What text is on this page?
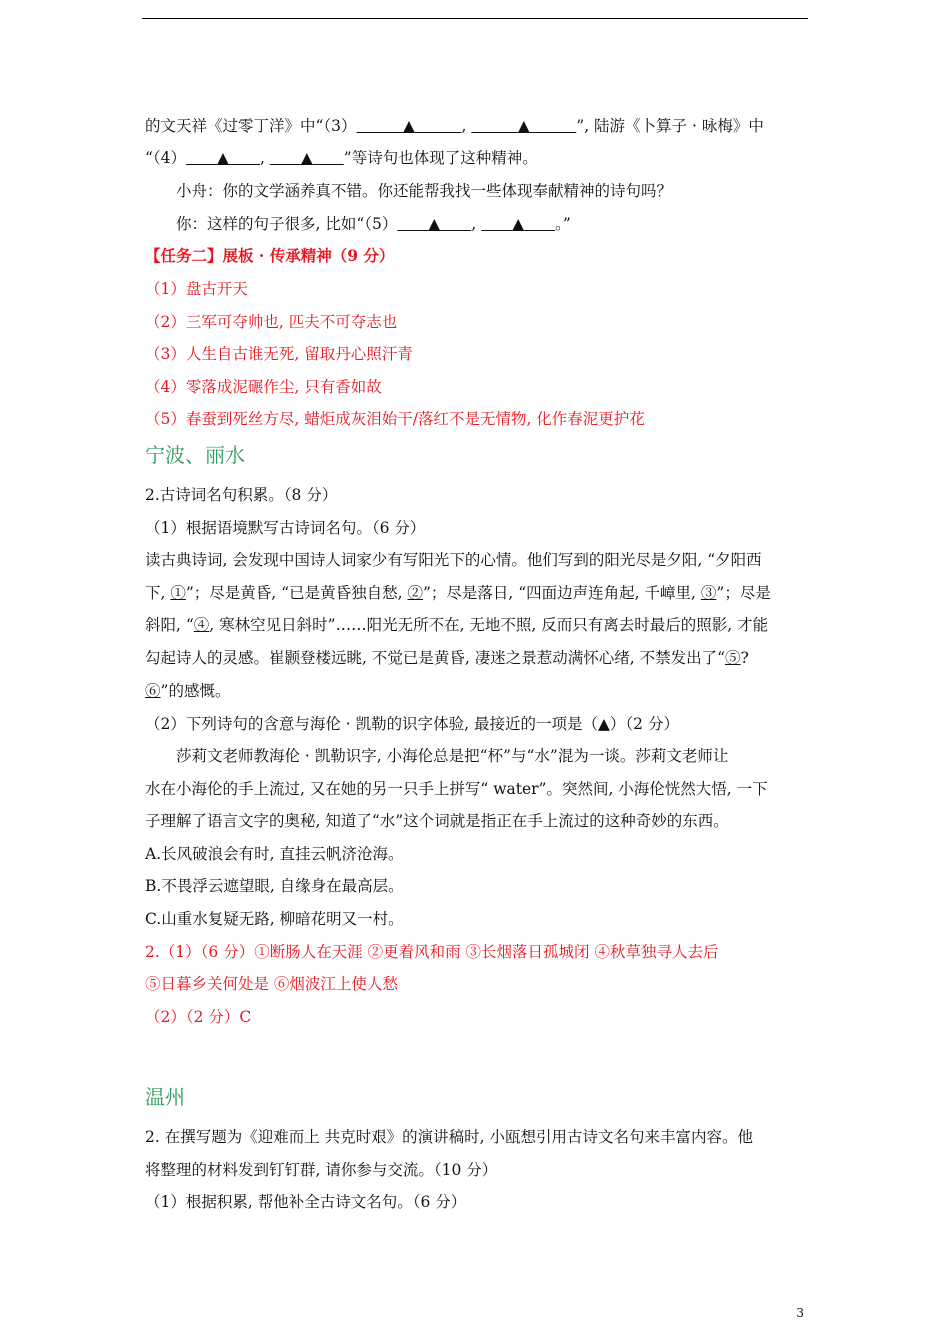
的文天祥《过零丁洋》中“（3）   	▲   	,    	▲   	”, 陆游《卜算子 · 咏梅》中
“（4）   ▲   ,    ▲   ”等诗句也体现了这种精神。
小舟：你的文学涵养真不错。你还能帮我找一些体现奉献精神的诗句吗？
你：这样的句子很多, 比如“（5）   ▲   ,    ▲   。”
【任务二】展板 · 传承精神（9 分）
（1）盘古开天
（2）三军可夺帅也, 匹夫不可夺志也
（3）人生自古谁无死, 留取丹心照汗青
（4）零落成泥碾作尘, 只有香如故
（5）春蚕到死丝方尽, 蜡炬成灰泪始干/落红不是无情物, 化作春泥更护花
宁波、丽水
2.古诗词名句积累。（8 分）
（1）根据语境默写古诗词名句。（6 分）
读古典诗词, 会发现中国诗人词家少有写阳光下的心情。他们写到的阳光尽是夕阳, “夕阳西
下, ①”；尽是黄昏, “已是黄昏独自愁, ②”；尽是落日, “四面边声连角起, 千嶂里, ③”；尽是
斜阳, “④, 寒林空见日斜时”……阳光无所不在, 无地不照, 反而只有离去时最后的照影, 才能
勾起诗人的灵感。崔颢登楼远眺, 不觉已是黄昏, 凄迷之景惹动满怀心绪, 不禁发出了“⑤?
⑥”的感慨。
（2）下列诗句的含意与海伦 · 凯勒的识字体验, 最接近的一项是（▲）（2 分）
莎莉文老师教海伦 · 凯勒识字, 小海伦总是把“杯”与“水”混为一谈。莎莉文老师让
水在小海伦的手上流过, 又在她的另一只手上拼写“ water”。突然间, 小海伦恍然大悟, 一下
子理解了语言文字的奥秘, 知道了“水”这个词就是指正在手上流过的这种奇妙的东西。
A.长风破浪会有时, 直挂云帆济沧海。
B.不畏浮云遮望眼, 自缘身在最高层。
C.山重水复疑无路, 柳暗花明又一村。
2.（1）（6 分）①断肠人在天涯 ②更着风和雨 ③长烟落日孤城闭 ④秋草独寻人去后
⑤日暮乡关何处是 ⑥烟波江上使人愁
（2）（2 分）C
温州
2. 在撰写题为《迎难而上 共克时艰》的演讲稿时, 小瓯想引用古诗文名句来丰富内容。他
将整理的材料发到钉钉群, 请你参与交流。（10 分）
（1）根据积累, 帮他补全古诗文名句。（6 分）
3
